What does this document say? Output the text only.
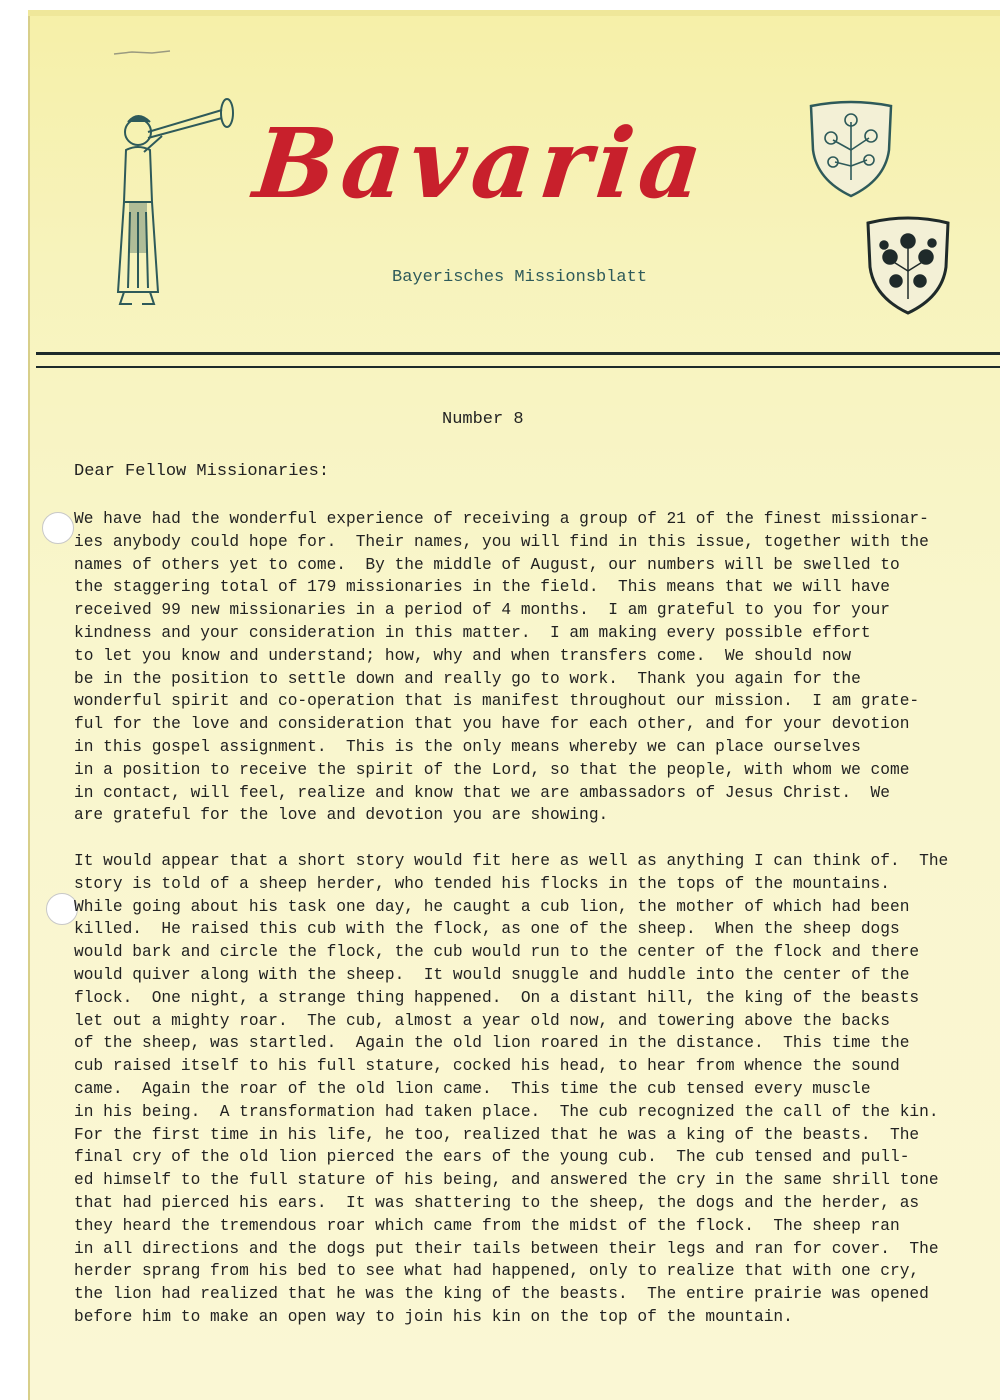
Bavaria
Bayerisches Missionsblatt
Number 8
Dear Fellow Missionaries:
We have had the wonderful experience of receiving a group of 21 of the finest missionar-
ies anybody could hope for.  Their names, you will find in this issue, together with the
names of others yet to come.  By the middle of August, our numbers will be swelled to
the staggering total of 179 missionaries in the field.  This means that we will have
received 99 new missionaries in a period of 4 months.  I am grateful to you for your
kindness and your consideration in this matter.  I am making every possible effort
to let you know and understand; how, why and when transfers come.  We should now
be in the position to settle down and really go to work.  Thank you again for the
wonderful spirit and co-operation that is manifest throughout our mission.  I am grate-
ful for the love and consideration that you have for each other, and for your devotion
in this gospel assignment.  This is the only means whereby we can place ourselves
in a position to receive the spirit of the Lord, so that the people, with whom we come
in contact, will feel, realize and know that we are ambassadors of Jesus Christ.  We
are grateful for the love and devotion you are showing.
It would appear that a short story would fit here as well as anything I can think of.  The
story is told of a sheep herder, who tended his flocks in the tops of the mountains.
While going about his task one day, he caught a cub lion, the mother of which had been
killed.  He raised this cub with the flock, as one of the sheep.  When the sheep dogs
would bark and circle the flock, the cub would run to the center of the flock and there
would quiver along with the sheep.  It would snuggle and huddle into the center of the
flock.  One night, a strange thing happened.  On a distant hill, the king of the beasts
let out a mighty roar.  The cub, almost a year old now, and towering above the backs
of the sheep, was startled.  Again the old lion roared in the distance.  This time the
cub raised itself to his full stature, cocked his head, to hear from whence the sound
came.  Again the roar of the old lion came.  This time the cub tensed every muscle
in his being.  A transformation had taken place.  The cub recognized the call of the kin.
For the first time in his life, he too, realized that he was a king of the beasts.  The
final cry of the old lion pierced the ears of the young cub.  The cub tensed and pull-
ed himself to the full stature of his being, and answered the cry in the same shrill tone
that had pierced his ears.  It was shattering to the sheep, the dogs and the herder, as
they heard the tremendous roar which came from the midst of the flock.  The sheep ran
in all directions and the dogs put their tails between their legs and ran for cover.  The
herder sprang from his bed to see what had happened, only to realize that with one cry,
the lion had realized that he was the king of the beasts.  The entire prairie was opened
before him to make an open way to join his kin on the top of the mountain.
